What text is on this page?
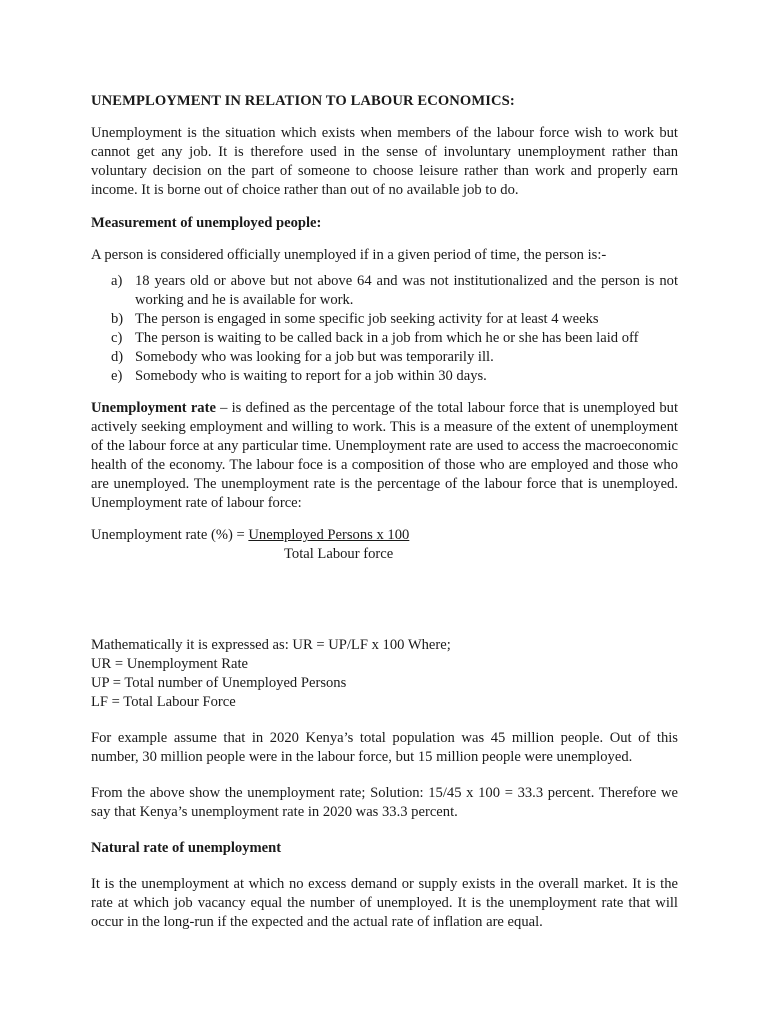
UNEMPLOYMENT IN RELATION TO LABOUR ECONOMICS:

Unemployment is the situation which exists when members of the labour force wish to work but cannot get any job. It is therefore used in the sense of involuntary unemployment rather than voluntary decision on the part of someone to choose leisure rather than work and properly earn income. It is borne out of choice rather than out of no available job to do.

Measurement of unemployed people:

A person is considered officially unemployed if in a given period of time, the person is:-

a) 18 years old or above but not above 64 and was not institutionalized and the person is not working and he is available for work.
b) The person is engaged in some specific job seeking activity for at least 4 weeks
c) The person is waiting to be called back in a job from which he or she has been laid off
d) Somebody who was looking for a job but was temporarily ill.
e) Somebody who is waiting to report for a job within 30 days.

Unemployment rate – is defined as the percentage of the total labour force that is unemployed but actively seeking employment and willing to work. This is a measure of the extent of unemployment of the labour force at any particular time. Unemployment rate are used to access the macroeconomic health of the economy. The labour foce is a composition of those who are employed and those who are unemployed. The unemployment rate is the percentage of the labour force that is unemployed. Unemployment rate of labour force:

Unemployment rate (%) = Unemployed Persons x 100
Total Labour force
Mathematically it is expressed as: UR = UP/LF x 100 Where;
UR = Unemployment Rate
UP = Total number of Unemployed Persons
LF = Total Labour Force

For example assume that in 2020 Kenya’s total population was 45 million people. Out of this number, 30 million people were in the labour force, but 15 million people were unemployed.

From the above show the unemployment rate; Solution: 15/45 x 100 = 33.3 percent. Therefore we say that Kenya’s unemployment rate in 2020 was 33.3 percent.

Natural rate of unemployment

It is the unemployment at which no excess demand or supply exists in the overall market. It is the rate at which job vacancy equal the number of unemployed. It is the unemployment rate that will occur in the long-run if the expected and the actual rate of inflation are equal.
